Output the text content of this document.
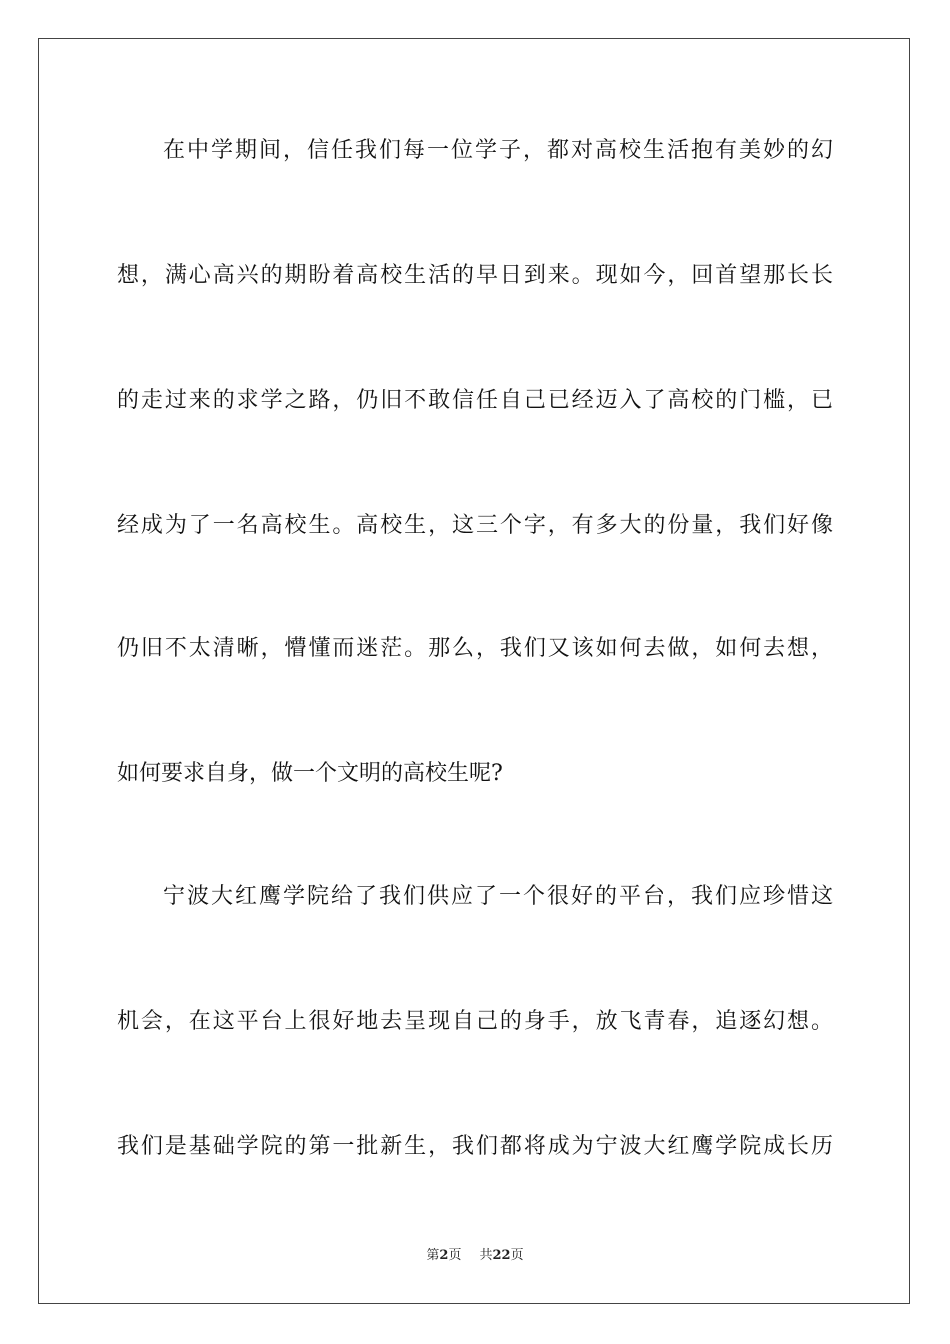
在中学期间，信任我们每一位学子，都对高校生活抱有美妙的幻
想，满心高兴的期盼着高校生活的早日到来。现如今，回首望那长长
的走过来的求学之路，仍旧不敢信任自己已经迈入了高校的门槛，已
经成为了一名高校生。高校生，这三个字，有多大的份量，我们好像
仍旧不太清晰，懵懂而迷茫。那么，我们又该如何去做，如何去想，
如何要求自身，做一个文明的高校生呢?
宁波大红鹰学院给了我们供应了一个很好的平台，我们应珍惜这
机会，在这平台上很好地去呈现自己的身手，放飞青春，追逐幻想。
我们是基础学院的第一批新生，我们都将成为宁波大红鹰学院成长历
第2页 共22页
